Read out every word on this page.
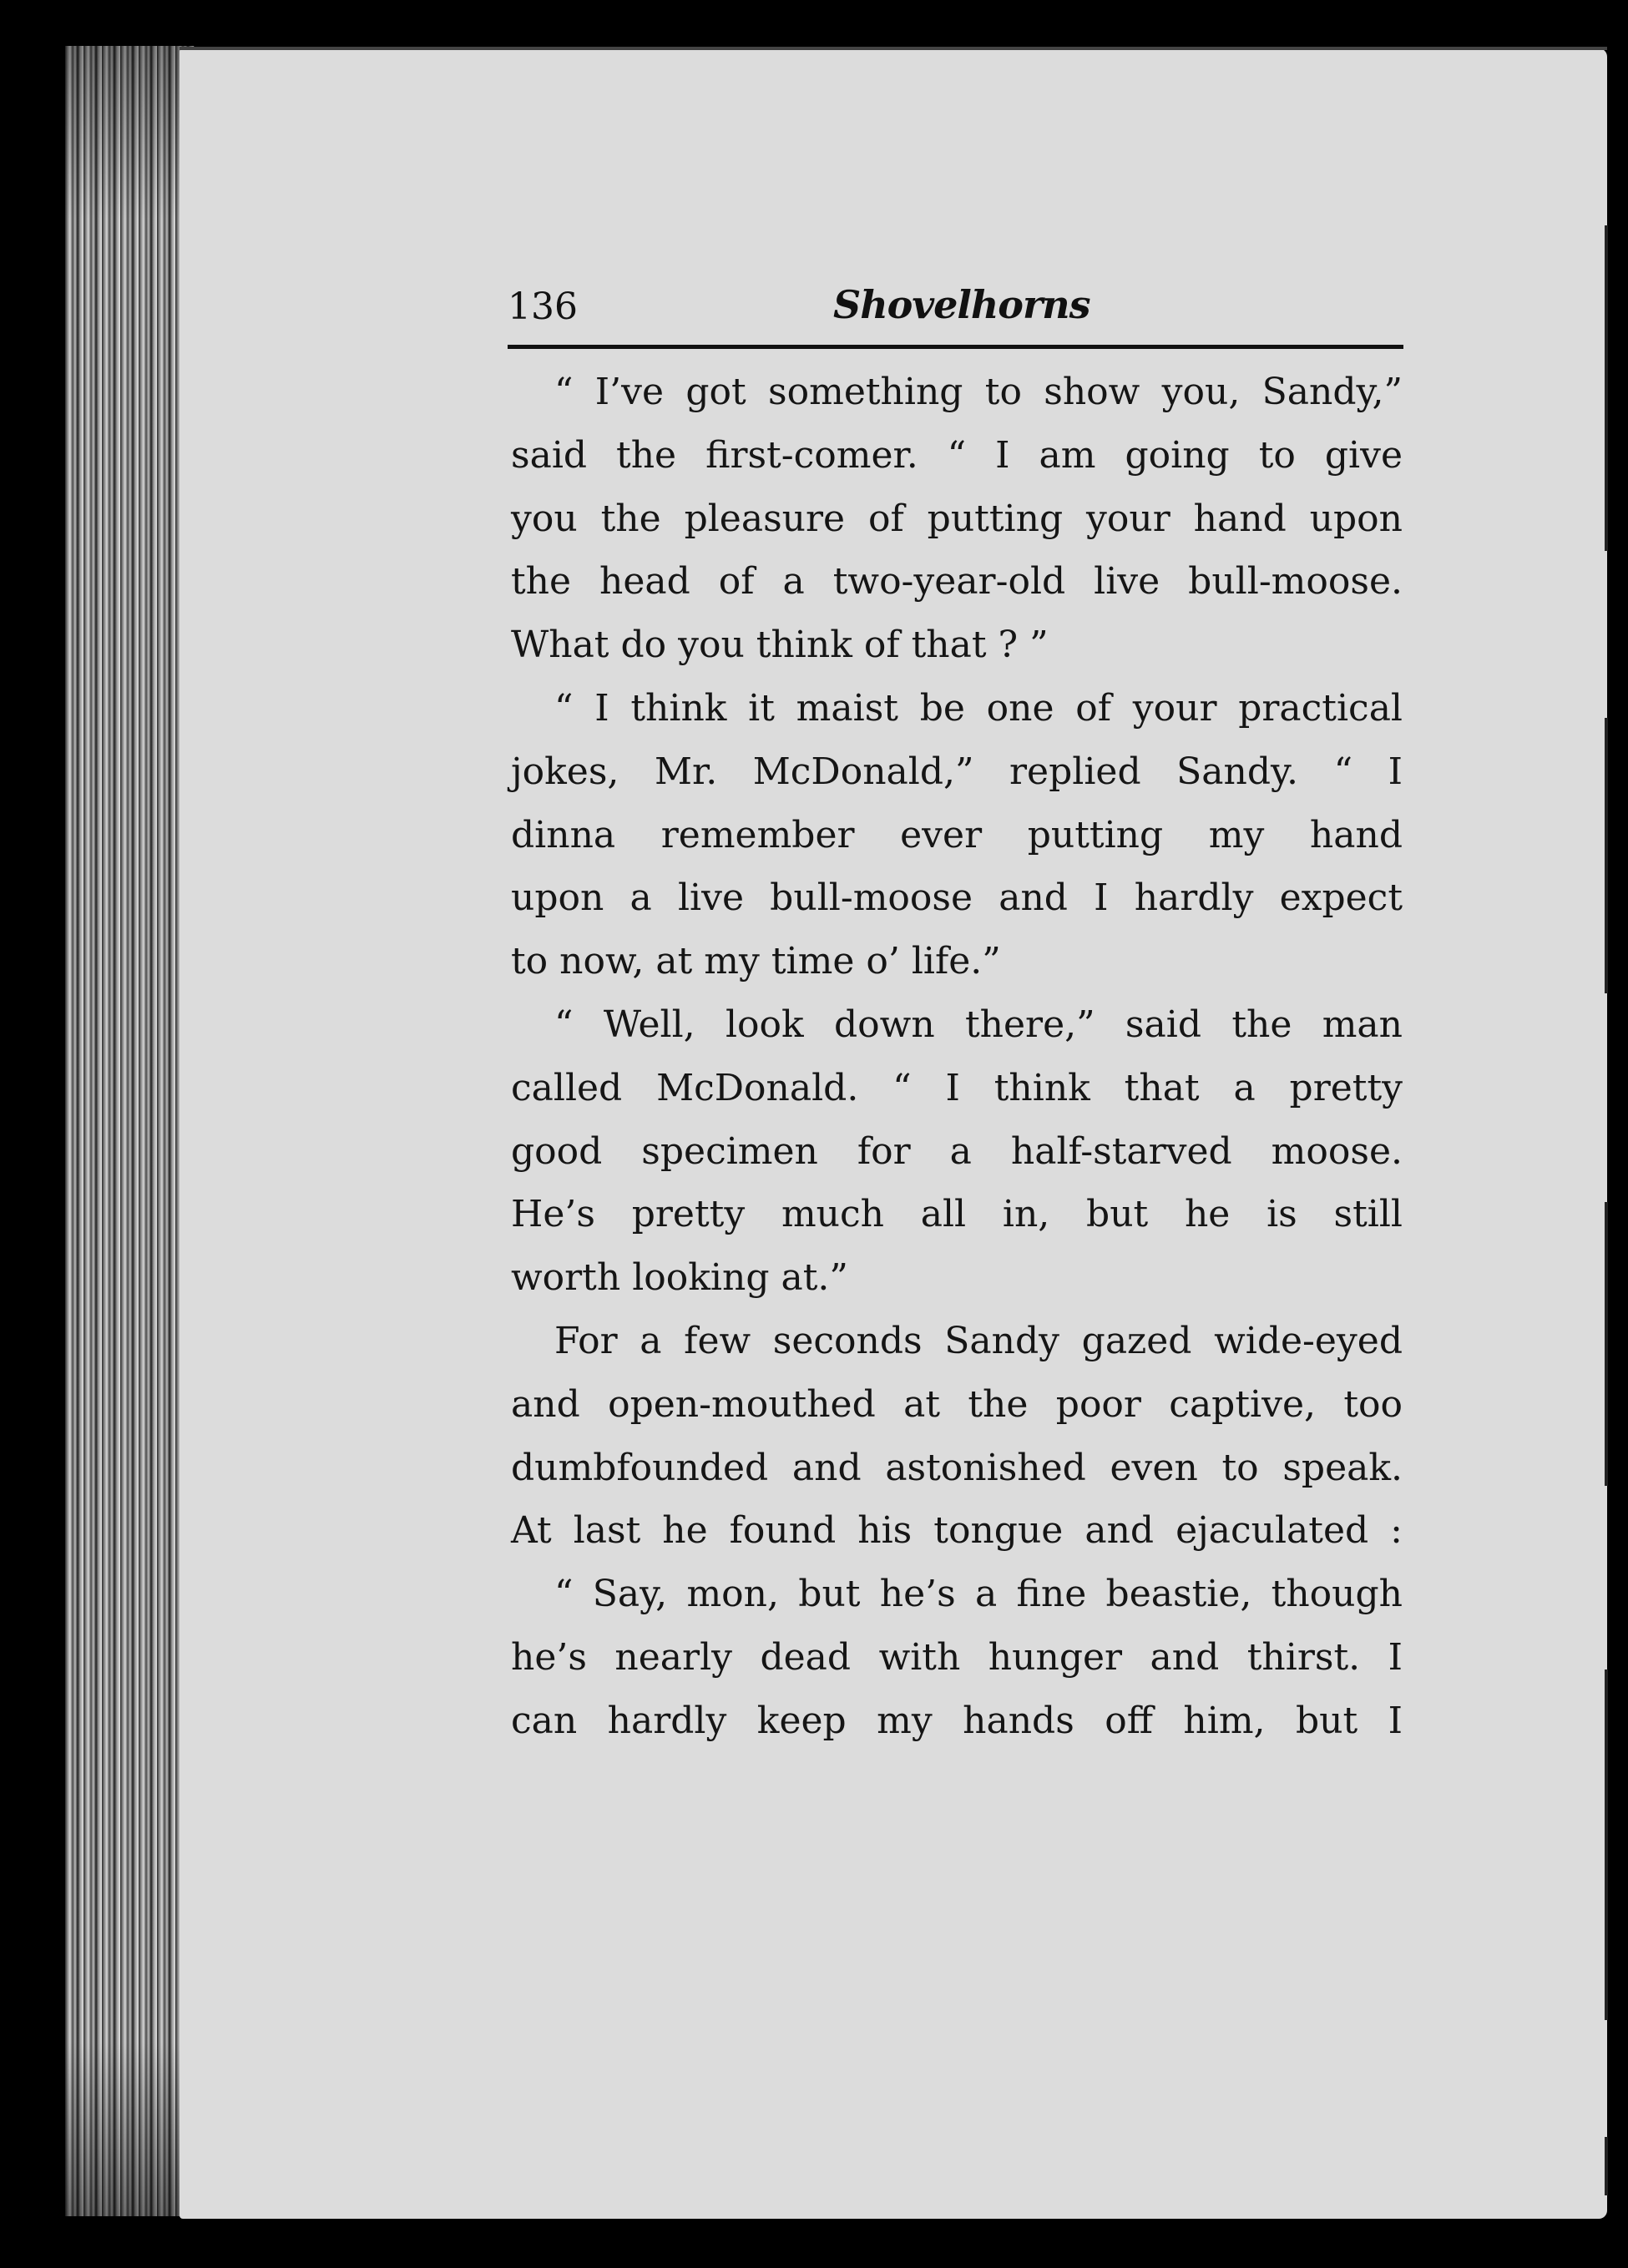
136	Shovelhorns
“ I’ve got something to show you, Sandy,”
said the first-comer. “ I am going to give
you the pleasure of putting your hand upon
the head of a two-year-old live bull-moose.
What do you think of that ? ”
“ I think it maist be one of your practical
jokes, Mr. McDonald,” replied Sandy. “ I
dinna remember ever putting my hand
upon a live bull-moose and I hardly expect
to now, at my time o’ life.”
“ Well, look down there,” said the man
called McDonald. “ I think that a pretty
good specimen for a half-starved moose.
He’s pretty much all in, but he is still
worth looking at.”
For a few seconds Sandy gazed wide-eyed
and open-mouthed at the poor captive, too
dumbfounded and astonished even to speak.
At last he found his tongue and ejaculated :
“ Say, mon, but he’s a fine beastie, though
he’s nearly dead with hunger and thirst. I
can hardly keep my hands off him, but I
